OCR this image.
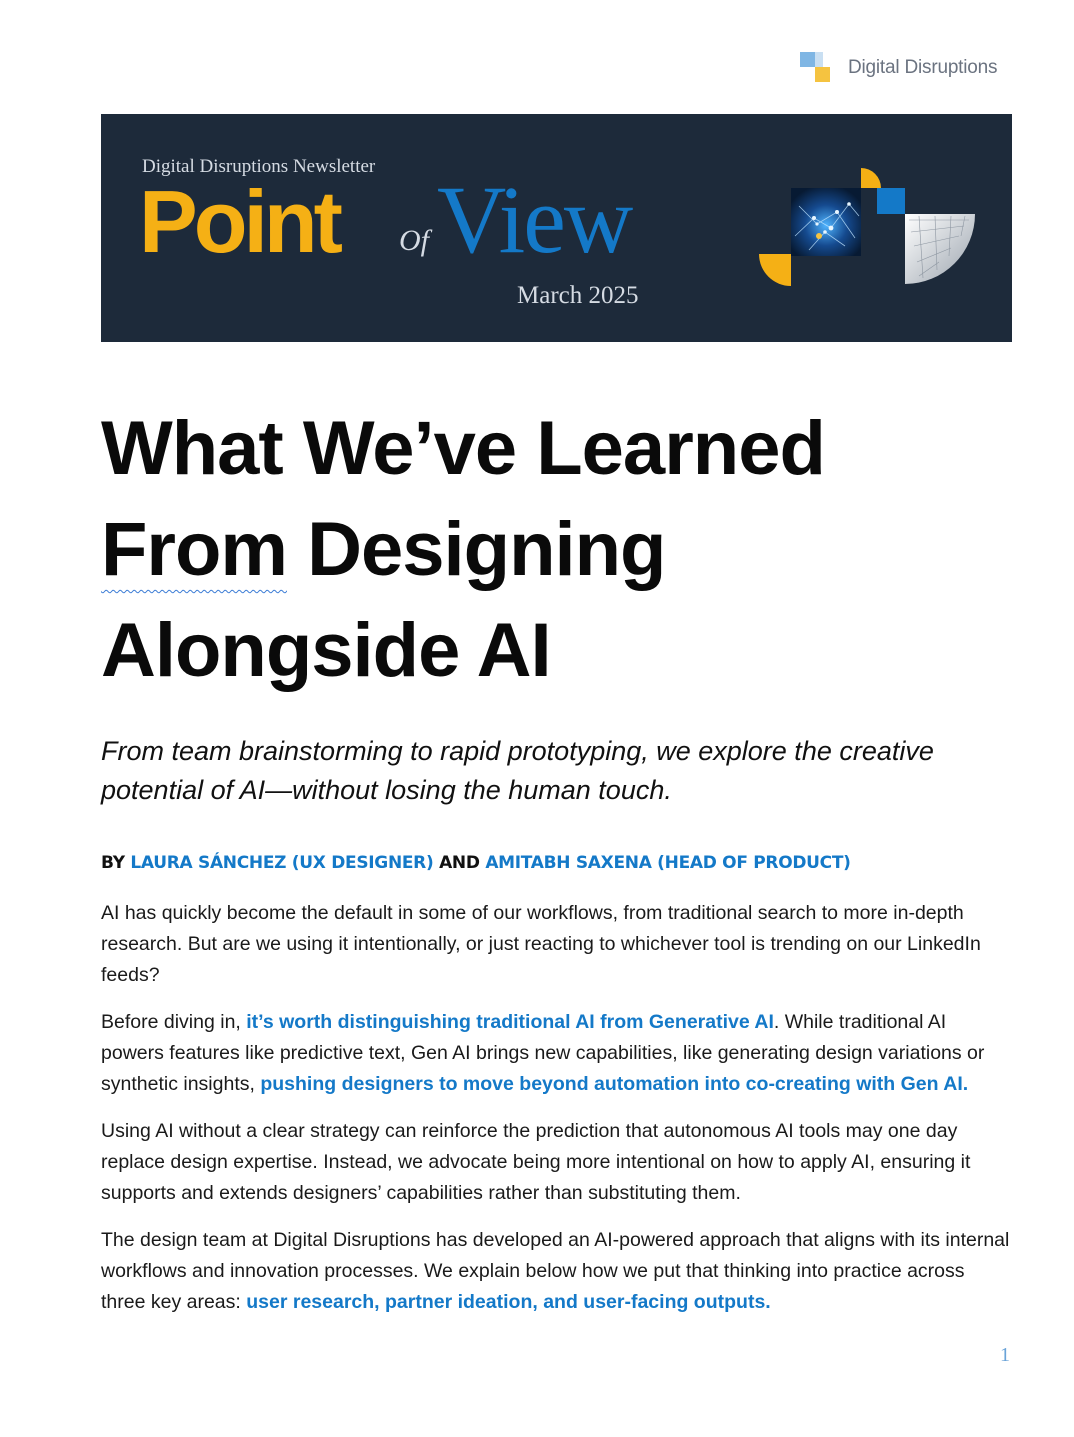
Digital Disruptions
Digital Disruptions Newsletter
Point Of View
March 2025
What We’ve Learned
From Designing
Alongside AI

From team brainstorming to rapid prototyping, we explore the creative potential of AI—without losing the human touch.

BY LAURA SÁNCHEZ (UX DESIGNER) AND AMITABH SAXENA (HEAD OF PRODUCT)

AI has quickly become the default in some of our workflows, from traditional search to more in-depth research. But are we using it intentionally, or just reacting to whichever tool is trending on our LinkedIn feeds?

Before diving in, it’s worth distinguishing traditional AI from Generative AI. While traditional AI powers features like predictive text, Gen AI brings new capabilities, like generating design variations or synthetic insights, pushing designers to move beyond automation into co-creating with Gen AI.

Using AI without a clear strategy can reinforce the prediction that autonomous AI tools may one day replace design expertise. Instead, we advocate being more intentional on how to apply AI, ensuring it supports and extends designers’ capabilities rather than substituting them.

The design team at Digital Disruptions has developed an AI-powered approach that aligns with its internal workflows and innovation processes. We explain below how we put that thinking into practice across three key areas: user research, partner ideation, and user-facing outputs.

1
